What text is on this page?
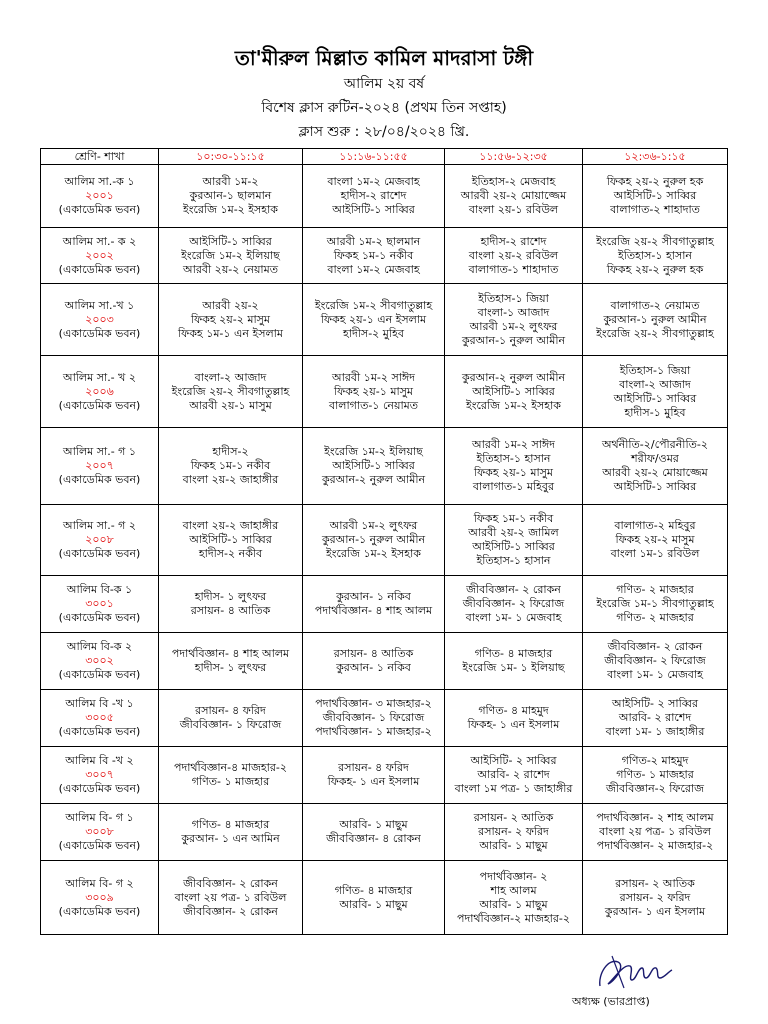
তা'মীরুল মিল্লাত কামিল মাদরাসা টঙ্গী
আলিম ২য় বর্ষ
বিশেষ ক্লাস রুটিন-২০২৪ (প্রথম তিন সপ্তাহ)
ক্লাস শুরু : ২৮/০৪/২০২৪ খ্রি.
শ্রেণি- শাখা	১০:৩০-১১:১৫	১১:১৬-১১:৫৫	১১:৫৬-১২:৩৫	১২:৩৬-১:১৫

আলিম সা.-ক ১
২০০১
(একাডেমিক ভবন)	আরবী ১ম-২
কুরআন-১ ছালমান
ইংরেজি ১ম-২ ইসহাক	বাংলা ১ম-২ মেজবাহ
হাদীস-২ রাশেদ
আইসিটি-১ সাব্বির	ইতিহাস-২ মেজবাহ
আরবী ২য়-২ মোয়াজ্জেম
বাংলা ২য়-১ রবিউল	ফিকহ ২য়-২ নুরুল হক
আইসিটি-১ সাব্বির
বালাগাত-২ শাহাদাত

আলিম সা.- ক ২
২০০২
(একাডেমিক ভবন)	আইসিটি-১ সাব্বির
ইংরেজি ১ম-২ ইলিয়াছ
আরবী ২য়-২ নেয়ামত	আরবী ১ম-২ ছালমান
ফিকহ ১ম-১ নকীব
বাংলা ১ম-২ মেজবাহ	হাদীস-২ রাশেদ
বাংলা ২য়-২ রবিউল
বালাগাত-১ শাহাদাত	ইংরেজি ২য়-২ সীবগাতুল্লাহ
ইতিহাস-১ হাসান
ফিকহ ২য়-২ নুরুল হক

আলিম সা.-খ ১
২০০৩
(একাডেমিক ভবন)	আরবী ২য়-২
ফিকহ ২য়-২ মাসুম
ফিকহ ১ম-১ এন ইসলাম	ইংরেজি ১ম-২ সীবগাতুল্লাহ
ফিকহ ২য়-১ এন ইসলাম
হাদীস-২ মুহিব	ইতিহাস-১ জিয়া
বাংলা-১ আজাদ
আরবী ১ম-২ লুৎফর
কুরআন-১ নুরুল আমীন	বালাগাত-২ নেয়ামত
কুরআন-১ নুরুল আমীন
ইংরেজি ২য়-২ সীবগাতুল্লাহ

আলিম সা.- খ ২
২০০৬
(একাডেমিক ভবন)	বাংলা-২ আজাদ
ইংরেজি ২য়-২ সীবগাতুল্লাহ
আরবী ২য়-১ মাসুম	আরবী ১ম-২ সাঈদ
ফিকহ ২য়-১ মাসুম
বালাগাত-১ নেয়ামত	কুরআন-২ নুরুল আমীন
আইসিটি-১ সাব্বির
ইংরেজি ১ম-২ ইসহাক	ইতিহাস-১ জিয়া
বাংলা-২ আজাদ
আইসিটি-১ সাব্বির
হাদীস-১ মুহিব

আলিম সা.- গ ১
২০০৭
(একাডেমিক ভবন)	হাদীস-২
ফিকহ ১ম-১ নকীব
বাংলা ২য়-২ জাহাঙ্গীর	ইংরেজি ১ম-২ ইলিয়াছ
আইসিটি-১ সাব্বির
কুরআন-২ নুরুল আমীন	আরবী ১ম-২ সাঈদ
ইতিহাস-১ হাসান
ফিকহ ২য়-১ মাসুম
বালাগাত-১ মহিবুর	অর্থনীতি-২/পৌরনীতি-২
শরীফ/ওমর
আরবী ২য়-২ মোয়াজ্জেম
আইসিটি-১ সাব্বির

আলিম সা.- গ ২
২০০৮
(একাডেমিক ভবন)	বাংলা ২য়-২ জাহাঙ্গীর
আইসিটি-১ সাব্বির
হাদীস-২ নকীব	আরবী ১ম-২ লুৎফর
কুরআন-১ নুরুল আমীন
ইংরেজি ১ম-২ ইসহাক	ফিকহ ১ম-১ নকীব
আরবী ২য়-২ জামিল
আইসিটি-১ সাব্বির
ইতিহাস-১ হাসান	বালাগাত-২ মহিবুর
ফিকহ ২য়-২ মাসুম
বাংলা ১ম-১ রবিউল

আলিম বি-ক ১
৩০০১
(একাডেমিক ভবন)	হাদীস- ১ লুৎফর
রসায়ন- ৪ আতিক	কুরআন- ১ নকিব
পদার্থবিজ্ঞান- ৪ শাহ আলম	জীববিজ্ঞান- ২ রোকন
জীববিজ্ঞান- ২ ফিরোজ
বাংলা ১ম- ১ মেজবাহ	গণিত- ২ মাজহার
ইংরেজি ১ম-১ সীবগাতুল্লাহ
গণিত- ২ মাজহার

আলিম বি-ক ২
৩০০২
(একাডেমিক ভবন)	পদার্থবিজ্ঞান- ৪ শাহ আলম
হাদীস- ১ লুৎফর	রসায়ন- ৪ আতিক
কুরআন- ১ নকিব	গণিত- ৪ মাজহার
ইংরেজি ১ম- ১ ইলিয়াছ	জীববিজ্ঞান- ২ রোকন
জীববিজ্ঞান- ২ ফিরোজ
বাংলা ১ম- ১ মেজবাহ

আলিম বি -খ ১
৩০০৫
(একাডেমিক ভবন)	রসায়ন- ৪ ফরিদ
জীববিজ্ঞান- ১ ফিরোজ	পদার্থবিজ্ঞান- ৩ মাজহার-২
জীববিজ্ঞান- ১ ফিরোজ
পদার্থবিজ্ঞান- ১ মাজহার-২	গণিত- ৪ মাহমুদ
ফিকহ- ১ এন ইসলাম	আইসিটি- ২ সাব্বির
আরবি- ২ রাশেদ
বাংলা ১ম- ১ জাহাঙ্গীর

আলিম বি -খ ২
৩০০৭
(একাডেমিক ভবন)	পদার্থবিজ্ঞান-৪ মাজহার-২
গণিত- ১ মাজহার	রসায়ন- ৪ ফরিদ
ফিকহ- ১ এন ইসলাম	আইসিটি- ২ সাব্বির
আরবি- ২ রাশেদ
বাংলা ১ম পত্র- ১ জাহাঙ্গীর	গণিত-২ মাহমুদ
গণিত- ১ মাজহার
জীববিজ্ঞান-২ ফিরোজ

আলিম বি- গ ১
৩০০৮
(একাডেমিক ভবন)	গণিত- ৪ মাজহার
কুরআন- ১ এন আমিন	আরবি- ১ মাছুম
জীববিজ্ঞান- ৪ রোকন	রসায়ন- ২ আতিক
রসায়ন- ২ ফরিদ
আরবি- ১ মাছুম	পদার্থবিজ্ঞান- ২ শাহ আলম
বাংলা ২য় পত্র- ১ রবিউল
পদার্থবিজ্ঞান- ২ মাজহার-২

আলিম বি- গ ২
৩০০৯
(একাডেমিক ভবন)	জীববিজ্ঞান- ২ রোকন
বাংলা ২য় পত্র- ১ রবিউল
জীববিজ্ঞান- ২ রোকন	গণিত- ৪ মাজহার
আরবি- ১ মাছুম	পদার্থবিজ্ঞান- ২
শাহ আলম
আরবি- ১ মাছুম
পদার্থবিজ্ঞান-২ মাজহার-২	রসায়ন- ২ আতিক
রসায়ন- ২ ফরিদ
কুরআন- ১ এন ইসলাম
অধ্যক্ষ (ভারপ্রাপ্ত)
